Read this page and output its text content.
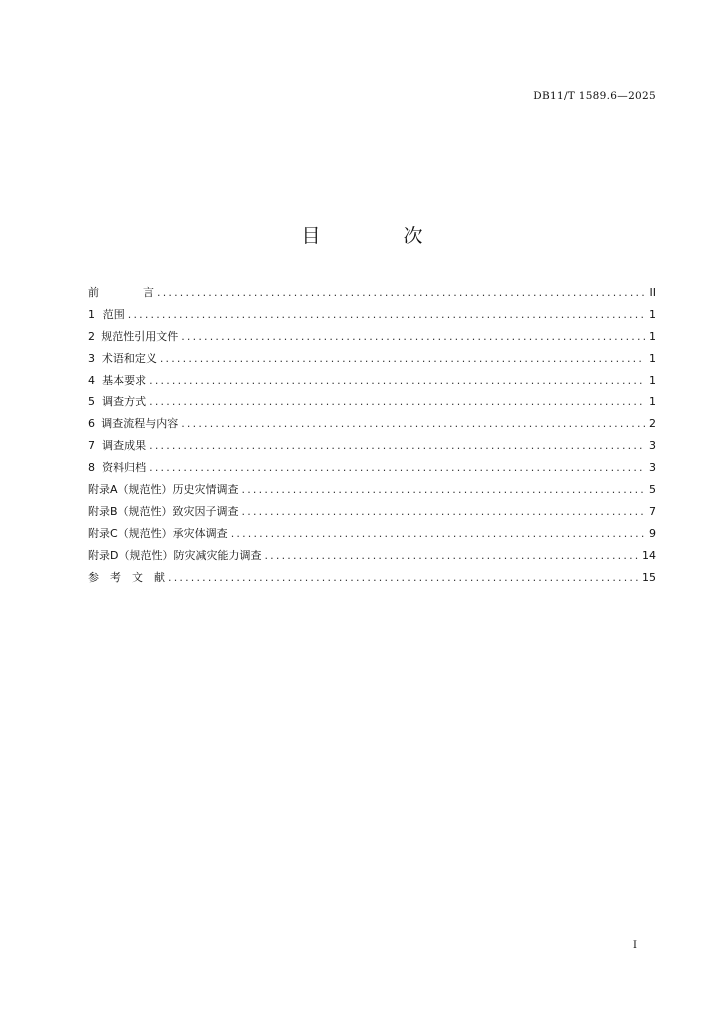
DB11/T 1589.6—2025
目　次
前　　　　言 .....	II
1 范围 .....	1
2 规范性引用文件 .....	1
3 术语和定义 .....	1
4 基本要求 .....	1
5 调查方式 .....	1
6 调查流程与内容 .....	2
7 调查成果 .....	3
8 资料归档 .....	3
附录A（规范性）历史灾情调查 .....	5
附录B（规范性）致灾因子调查 .....	7
附录C（规范性）承灾体调查 .....	9
附录D（规范性）防灾减灾能力调查 .....	14
参　考　文　献 .....	15
I
